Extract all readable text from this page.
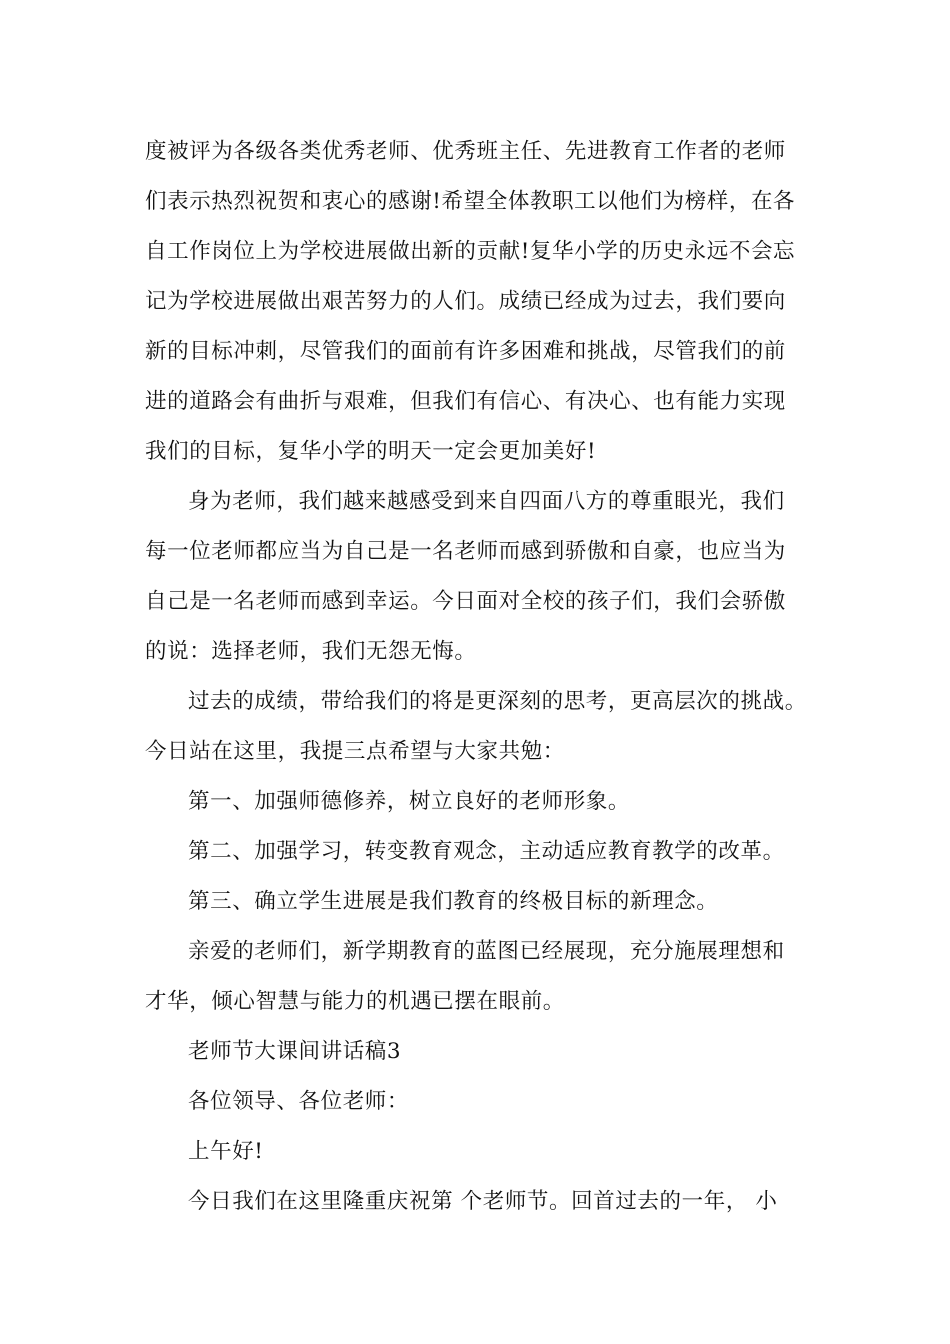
度被评为各级各类优秀老师、优秀班主任、先进教育工作者的老师
们表示热烈祝贺和衷心的感谢!希望全体教职工以他们为榜样，在各
自工作岗位上为学校进展做出新的贡献!复华小学的历史永远不会忘
记为学校进展做出艰苦努力的人们。成绩已经成为过去，我们要向
新的目标冲刺，尽管我们的面前有许多困难和挑战，尽管我们的前
进的道路会有曲折与艰难，但我们有信心、有决心、也有能力实现
我们的目标，复华小学的明天一定会更加美好!
身为老师，我们越来越感受到来自四面八方的尊重眼光，我们
每一位老师都应当为自己是一名老师而感到骄傲和自豪，也应当为
自己是一名老师而感到幸运。今日面对全校的孩子们，我们会骄傲
的说：选择老师，我们无怨无悔。
过去的成绩，带给我们的将是更深刻的思考，更高层次的挑战。
今日站在这里，我提三点希望与大家共勉：
第一、加强师德修养，树立良好的老师形象。
第二、加强学习，转变教育观念，主动适应教育教学的改革。
第三、确立学生进展是我们教育的终极目标的新理念。
亲爱的老师们，新学期教育的蓝图已经展现，充分施展理想和
才华，倾心智慧与能力的机遇已摆在眼前。
老师节大课间讲话稿3
各位领导、各位老师：
上午好!
今日我们在这里隆重庆祝第 个老师节。回首过去的一年， 小
